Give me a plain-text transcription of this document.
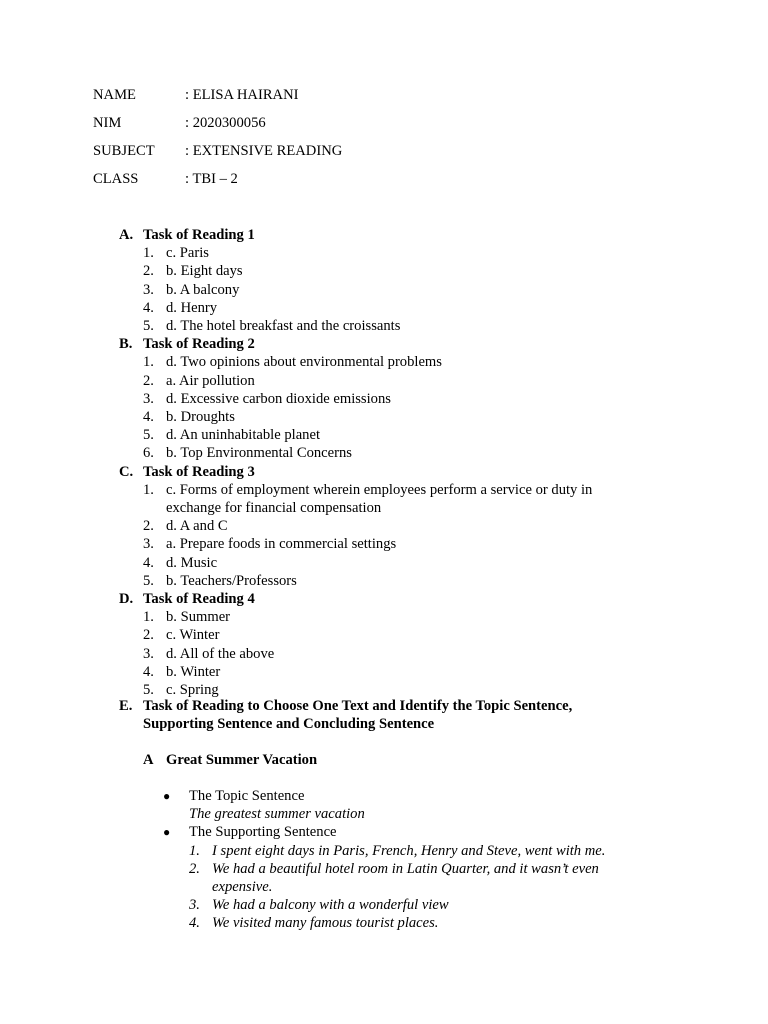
NAME	: ELISA HAIRANI
NIM	: 2020300056
SUBJECT	: EXTENSIVE READING
CLASS	: TBI – 2
A. Task of Reading 1
1. c. Paris
2. b. Eight days
3. b. A balcony
4. d. Henry
5. d. The hotel breakfast and the croissants
B. Task of Reading 2
1. d. Two opinions about environmental problems
2. a. Air pollution
3. d. Excessive carbon dioxide emissions
4. b. Droughts
5. d. An uninhabitable planet
6. b. Top Environmental Concerns
C. Task of Reading 3
1. c. Forms of employment wherein employees perform a service or duty in exchange for financial compensation
2. d. A and C
3. a. Prepare foods in commercial settings
4. d. Music
5. b. Teachers/Professors
D. Task of Reading 4
1. b. Summer
2. c. Winter
3. d. All of the above
4. b. Winter
5. c. Spring
E. Task of Reading to Choose One Text and Identify the Topic Sentence, Supporting Sentence and Concluding Sentence
A Great Summer Vacation
● The Topic Sentence
The greatest summer vacation
● The Supporting Sentence
1. I spent eight days in Paris, French, Henry and Steve, went with me.
2. We had a beautiful hotel room in Latin Quarter, and it wasn’t even expensive.
3. We had a balcony with a wonderful view
4. We visited many famous tourist places.
